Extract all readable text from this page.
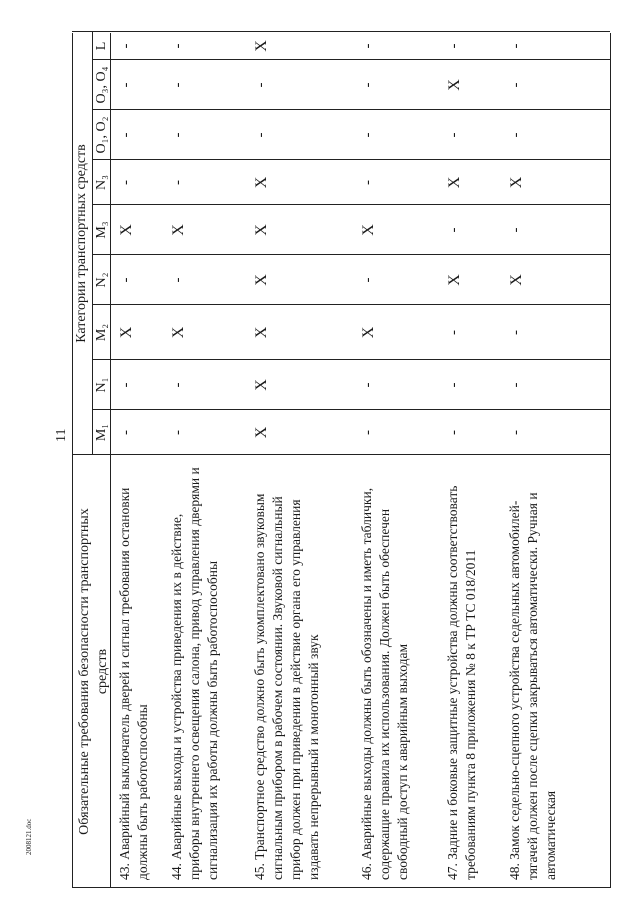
11
2008121.doc
Обязательные требования безопасности транспортных средств
Категории транспортных средств
M₁
N₁
M₂
N₂
M₃
N₃
O₁, O₂
O₃, O₄
L
43. Аварийный выключатель дверей и сигнал требования остановки должны быть работоспособны
-
-
X
-
X
-
-
-
-
44. Аварийные выходы и устройства приведения их в действие, приборы внутреннего освещения салона, привод управления дверями и сигнализация их работы должны быть работоспособны
-
-
X
-
X
-
-
-
-
45. Транспортное средство должно быть укомплектовано звуковым сигнальным прибором в рабочем состоянии. Звуковой сигнальный прибор должен при приведении в действие органа его управления издавать непрерывный и монотонный звук
X
X
X
X
X
X
-
-
X
46. Аварийные выходы должны быть обозначены и иметь таблички, содержащие правила их использования. Должен быть обеспечен свободный доступ к аварийным выходам
-
-
X
-
X
-
-
-
-
47. Задние и боковые защитные устройства должны соответствовать требованиям пункта 8 приложения № 8 к ТР ТС 018/2011
-
-
-
X
-
X
-
X
-
48. Замок седельно-сцепного устройства седельных автомобилей-тягачей должен после сцепки закрываться автоматически. Ручная и автоматическая
-
-
-
X
-
X
-
-
-
